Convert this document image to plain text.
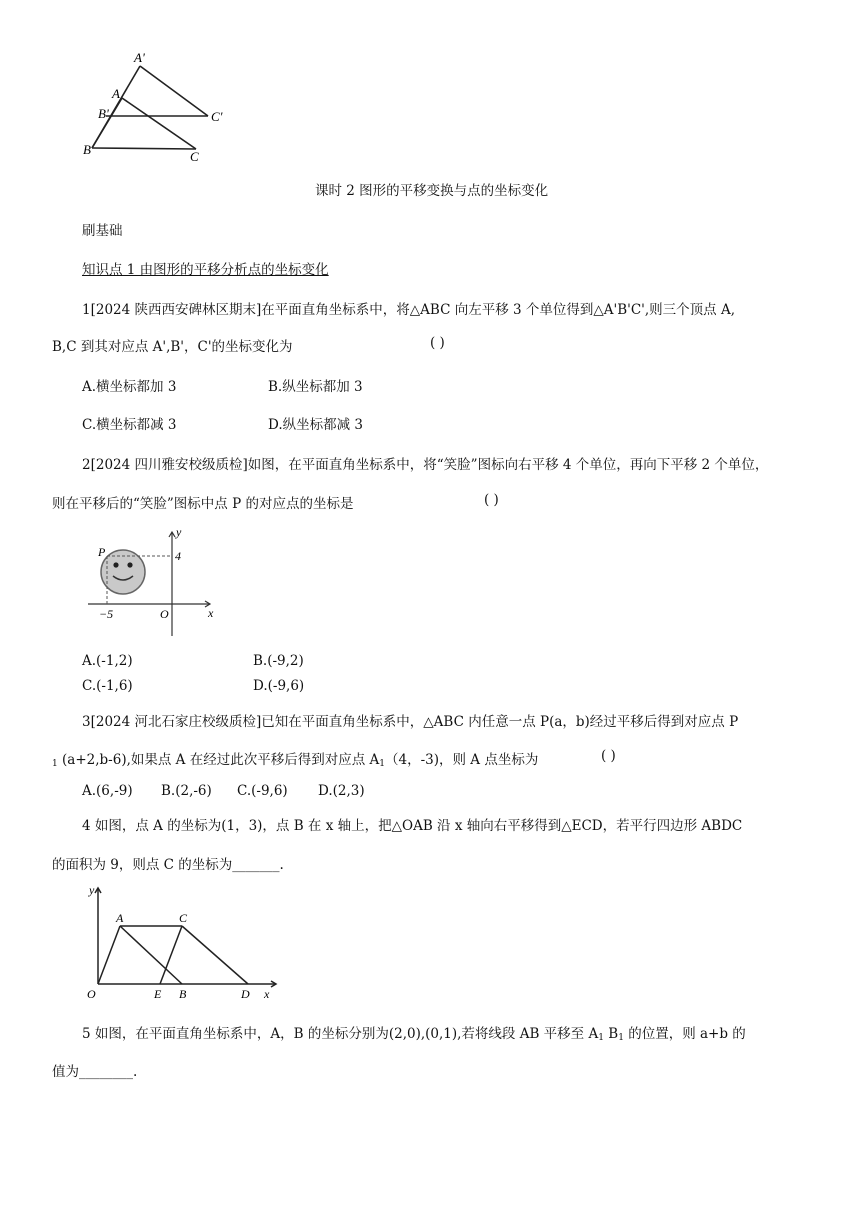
A'
A
B'	C'
B	C
课时 2 图形的平移变换与点的坐标变化
刷基础
知识点 1 由图形的平移分析点的坐标变化
1[2024 陕西西安碑林区期末]在平面直角坐标系中，将△ABC 向左平移 3 个单位得到△A'B'C',则三个顶点 A,
B,C 到其对应点 A',B'，C'的坐标变化为	( )
A.横坐标都加 3	B.纵坐标都加 3
C.横坐标都减 3	D.纵坐标都减 3
2[2024 四川雅安校级质检]如图，在平面直角坐标系中，将“笑脸”图标向右平移 4 个单位，再向下平移 2 个单位，
则在平移后的“笑脸”图标中点 P 的对应点的坐标是	( )
y
x
P	4
−5	O
A.(-1,2)	B.(-9,2)
C.(-1,6)	D.(-9,6)
3[2024 河北石家庄校级质检]已知在平面直角坐标系中，△ABC 内任意一点 P(a，b)经过平移后得到对应点 P
$_1$ (a+2,b-6),如果点 A 在经过此次平移后得到对应点 $A_1(4$，-3)，则 A 点坐标为	( )
A.(6,-9) B.(2,-6) C.(-9,6) D.(2,3)
4 如图，点 A 的坐标为(1，3)，点 B 在 x 轴上，把△OAB 沿 x 轴向右平移得到△ECD，若平行四边形 ABDC
的面积为 9，则点 C 的坐标为_______.
y
x
A	C
O	E B	D
5 如图，在平面直角坐标系中，A，B 的坐标分别为(2,0),(0,1),若将线段 AB 平移至 $A_1$ $B_1$ 的位置，则 a+b 的
值为________.
